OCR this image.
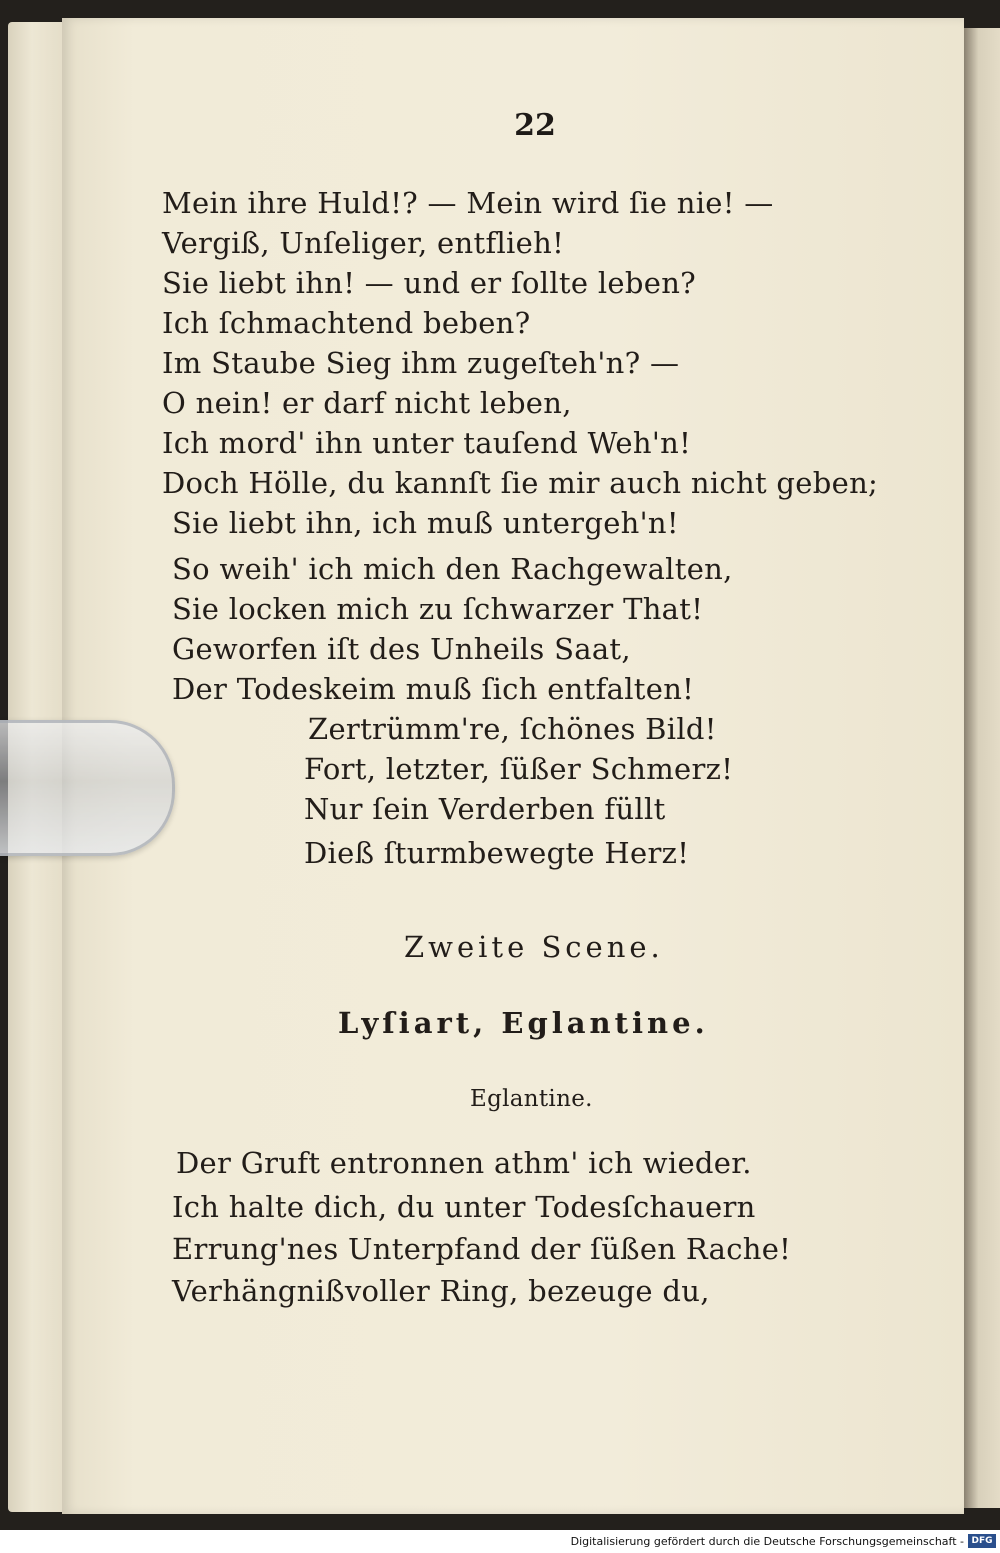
22
Mein ihre Huld!? — Mein wird ſie nie! —
Vergiß, Unſeliger, entflieh!
Sie liebt ihn! — und er ſollte leben?
Ich ſchmachtend beben?
Im Staube Sieg ihm zugeſteh'n? —
O nein! er darf nicht leben,
Ich mord' ihn unter tauſend Weh'n!
Doch Hölle, du kannſt ſie mir auch nicht geben;
Sie liebt ihn, ich muß untergeh'n!
So weih' ich mich den Rachgewalten,
Sie locken mich zu ſchwarzer That!
Geworfen iſt des Unheils Saat,
Der Todeskeim muß ſich entfalten!
Zertrümm're, ſchönes Bild!
Fort, letzter, ſüßer Schmerz!
Nur ſein Verderben füllt
Dieß ſturmbewegte Herz!
Zweite Scene.
Lyſiart, Eglantine.
Eglantine.
Der Gruft entronnen athm' ich wieder.
Ich halte dich, du unter Todesſchauern
Errung'nes Unterpfand der ſüßen Rache!
Verhängnißvoller Ring, bezeuge du,
Digitalisierung gefördert durch die Deutsche Forschungsgemeinschaft - DFG
